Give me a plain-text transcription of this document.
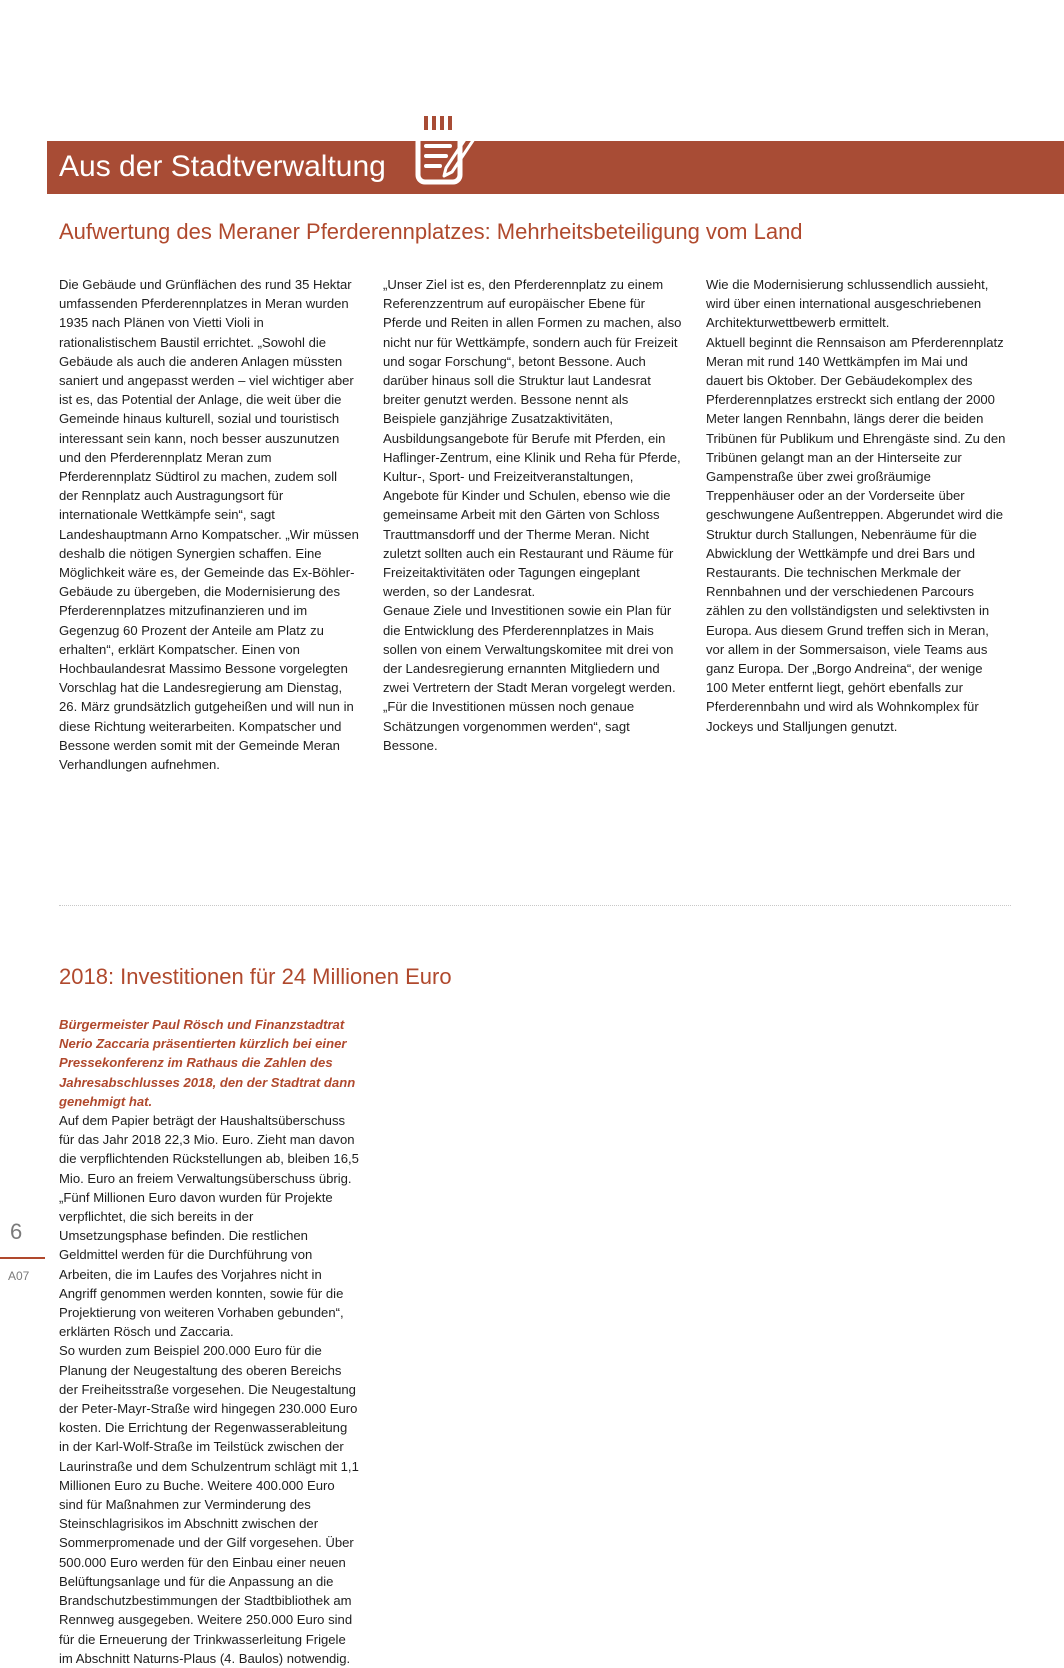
Aus der Stadtverwaltung
Aufwertung des Meraner Pferderennplatzes: Mehrheitsbeteiligung vom Land

Die Gebäude und Grünflächen des rund 35 Hektar umfassenden Pferderennplatzes in Meran wurden 1935 nach Plänen von Vietti Violi in rationalistischem Baustil errichtet. „Sowohl die Gebäude als auch die anderen Anlagen müssten saniert und angepasst werden – viel wichtiger aber ist es, das Potential der Anlage, die weit über die Gemeinde hinaus kulturell, sozial und touristisch interessant sein kann, noch besser auszunutzen und den Pferderennplatz Meran zum Pferderennplatz Südtirol zu machen, zudem soll der Rennplatz auch Austragungsort für internationale Wettkämpfe sein“, sagt Landeshauptmann Arno Kompatscher. „Wir müssen deshalb die nötigen Synergien schaffen. Eine Möglichkeit wäre es, der Gemeinde das Ex-Böhler-Gebäude zu übergeben, die Modernisierung des Pferderennplatzes mitzufinanzieren und im Gegenzug 60 Prozent der Anteile am Platz zu erhalten“, erklärt Kompatscher. Einen von Hochbaulandesrat Massimo Bessone vorgelegten Vorschlag hat die Landesregierung am Dienstag, 26. März grundsätzlich gutgeheißen und will nun in diese Richtung weiterarbeiten. Kompatscher und Bessone werden somit mit der Gemeinde Meran Verhandlungen aufnehmen.

„Unser Ziel ist es, den Pferderennplatz zu einem Referenzzentrum auf europäischer Ebene für Pferde und Reiten in allen Formen zu machen, also nicht nur für Wettkämpfe, sondern auch für Freizeit und sogar Forschung“, betont Bessone. Auch darüber hinaus soll die Struktur laut Landesrat breiter genutzt werden. Bessone nennt als Beispiele ganzjährige Zusatzaktivitäten, Ausbildungsangebote für Berufe mit Pferden, ein Haflinger-Zentrum, eine Klinik und Reha für Pferde, Kultur-, Sport- und Freizeitveranstaltungen, Angebote für Kinder und Schulen, ebenso wie die gemeinsame Arbeit mit den Gärten von Schloss Trauttmansdorff und der Therme Meran. Nicht zuletzt sollten auch ein Restaurant und Räume für Freizeitaktivitäten oder Tagungen eingeplant werden, so der Landesrat.

Genaue Ziele und Investitionen sowie ein Plan für die Entwicklung des Pferderennplatzes in Mais sollen von einem Verwaltungskomitee mit drei von der Landesregierung ernannten Mitgliedern und zwei Vertretern der Stadt Meran vorgelegt werden. „Für die Investitionen müssen noch genaue Schätzungen vorgenommen werden“, sagt Bessone.

Wie die Modernisierung schlussendlich aussieht, wird über einen international ausgeschriebenen Architekturwettbewerb ermittelt.

Aktuell beginnt die Rennsaison am Pferderennplatz Meran mit rund 140 Wettkämpfen im Mai und dauert bis Oktober. Der Gebäudekomplex des Pferderennplatzes erstreckt sich entlang der 2000 Meter langen Rennbahn, längs derer die beiden Tribünen für Publikum und Ehrengäste sind. Zu den Tribünen gelangt man an der Hinterseite zur Gampenstraße über zwei großräumige Treppenhäuser oder an der Vorderseite über geschwungene Außentreppen. Abgerundet wird die Struktur durch Stallungen, Nebenräume für die Abwicklung der Wettkämpfe und drei Bars und Restaurants. Die technischen Merkmale der Rennbahnen und der verschiedenen Parcours zählen zu den vollständigsten und selektivsten in Europa. Aus diesem Grund treffen sich in Meran, vor allem in der Sommersaison, viele Teams aus ganz Europa. Der „Borgo Andreina“, der wenige 100 Meter entfernt liegt, gehört ebenfalls zur Pferderennbahn und wird als Wohnkomplex für Jockeys und Stalljungen genutzt.

2018: Investitionen für 24 Millionen Euro

Bürgermeister Paul Rösch und Finanzstadtrat Nerio Zaccaria präsentierten kürzlich bei einer Pressekonferenz im Rathaus die Zahlen des Jahresabschlusses 2018, den der Stadtrat dann genehmigt hat.

Auf dem Papier beträgt der Haushaltsüberschuss für das Jahr 2018 22,3 Mio. Euro. Zieht man davon die verpflichtenden Rückstellungen ab, bleiben 16,5 Mio. Euro an freiem Verwaltungsüberschuss übrig. „Fünf Millionen Euro davon wurden für Projekte verpflichtet, die sich bereits in der Umsetzungsphase befinden. Die restlichen Geldmittel werden für die Durchführung von Arbeiten, die im Laufes des Vorjahres nicht in Angriff genommen werden konnten, sowie für die Projektierung von weiteren Vorhaben gebunden“, erklärten Rösch und Zaccaria.

So wurden zum Beispiel 200.000 Euro für die Planung der Neugestaltung des oberen Bereichs der Freiheitsstraße vorgesehen. Die Neugestaltung der Peter-Mayr-Straße wird hingegen 230.000 Euro kosten. Die Errichtung der Regenwasserableitung in der Karl-Wolf-Straße im Teilstück zwischen der Laurinstraße und dem Schulzentrum schlägt mit 1,1 Millionen Euro zu Buche. Weitere 400.000 Euro sind für Maßnahmen zur Verminderung des Steinschlagrisikos im Abschnitt zwischen der Sommerpromenade und der Gilf vorgesehen. Über 500.000 Euro werden für den Einbau einer neuen Belüftungsanlage und für die Anpassung an die Brandschutzbestimmungen der Stadtbibliothek am Rennweg ausgegeben. Weitere 250.000 Euro sind für die Erneuerung der Trinkwasserleitung Frigele im Abschnitt Naturns-Plaus (4. Baulos) notwendig.

6
A07
